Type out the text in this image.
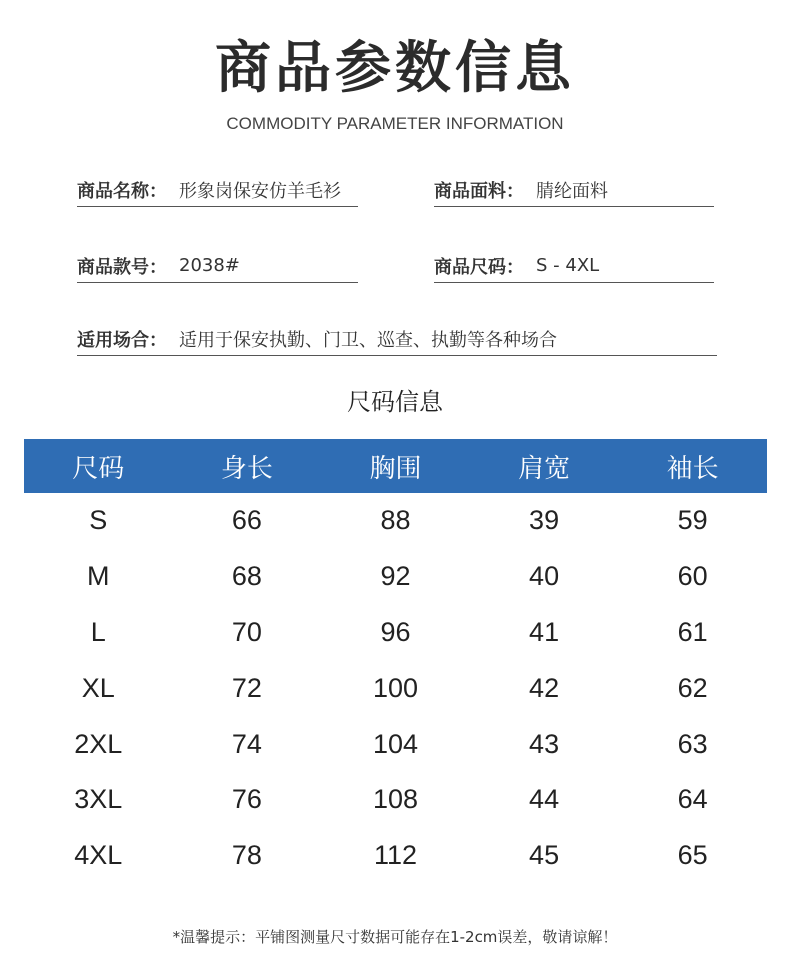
商品参数信息
COMMODITY PARAMETER INFORMATION
商品名称： 形象岗保安仿羊毛衫	商品面料： 腈纶面料
商品款号： 2038#	商品尺码： S - 4XL
适用场合： 适用于保安执勤、门卫、巡查、执勤等各种场合
尺码信息
尺码	身长	胸围	肩宽	袖长
S	66	88	39	59
M	68	92	40	60
L	70	96	41	61
XL	72	100	42	62
2XL	74	104	43	63
3XL	76	108	44	64
4XL	78	112	45	65
*温馨提示：平铺图测量尺寸数据可能存在1-2cm误差，敬请谅解！
